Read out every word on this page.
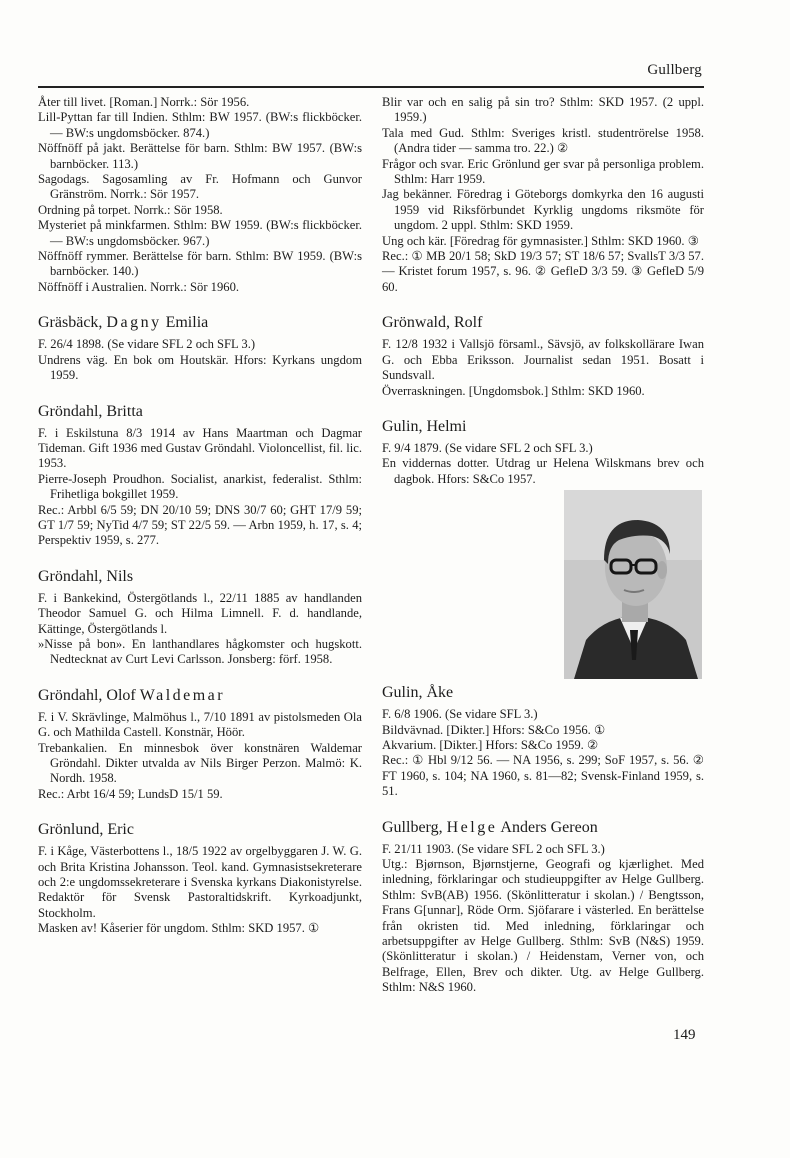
Gullberg

Åter till livet. [Roman.] Norrk.: Sör 1956.

Lill-Pyttan far till Indien. Sthlm: BW 1957. (BW:s flickböcker. — BW:s ungdomsböcker. 874.)

Nöffnöff på jakt. Berättelse för barn. Sthlm: BW 1957. (BW:s barnböcker. 113.)

Sagodags. Sagosamling av Fr. Hofmann och Gunvor Gränström. Norrk.: Sör 1957.

Ordning på torpet. Norrk.: Sör 1958.

Mysteriet på minkfarmen. Sthlm: BW 1959. (BW:s flickböcker. — BW:s ungdomsböcker. 967.)

Nöffnöff rymmer. Berättelse för barn. Sthlm: BW 1959. (BW:s barnböcker. 140.)

Nöffnöff i Australien. Norrk.: Sör 1960.

Gräsbäck, Dagny Emilia

F. 26/4 1898. (Se vidare SFL 2 och SFL 3.)

Undrens väg. En bok om Houtskär. Hfors: Kyrkans ungdom 1959.

Gröndahl, Britta

F. i Eskilstuna 8/3 1914 av Hans Maartman och Dagmar Tideman. Gift 1936 med Gustav Gröndahl. Violoncellist, fil. lic. 1953.

Pierre-Joseph Proudhon. Socialist, anarkist, federalist. Sthlm: Frihetliga bokgillet 1959.

Rec.: Arbbl 6/5 59; DN 20/10 59; DNS 30/7 60; GHT 17/9 59; GT 1/7 59; NyTid 4/7 59; ST 22/5 59. — Arbn 1959, h. 17, s. 4; Perspektiv 1959, s. 277.

Gröndahl, Nils

F. i Bankekind, Östergötlands l., 22/11 1885 av handlanden Theodor Samuel G. och Hilma Limnell. F. d. handlande, Kättinge, Östergötlands l.

»Nisse på bon». En lanthandlares hågkomster och hugskott. Nedtecknat av Curt Levi Carlsson. Jonsberg: förf. 1958.

Gröndahl, Olof Waldemar

F. i V. Skrävlinge, Malmöhus l., 7/10 1891 av pistolsmeden Ola G. och Mathilda Castell. Konstnär, Höör.

Trebankalien. En minnesbok över konstnären Waldemar Gröndahl. Dikter utvalda av Nils Birger Perzon. Malmö: K. Nordh. 1958.

Rec.: Arbt 16/4 59; LundsD 15/1 59.

Grönlund, Eric

F. i Kåge, Västerbottens l., 18/5 1922 av orgelbyggaren J. W. G. och Brita Kristina Johansson. Teol. kand. Gymnasistsekreterare och 2:e ungdomssekreterare i Svenska kyrkans Diakonistyrelse. Redaktör för Svensk Pastoraltidskrift. Kyrkoadjunkt, Stockholm.

Masken av! Kåserier för ungdom. Sthlm: SKD 1957. ①

Blir var och en salig på sin tro? Sthlm: SKD 1957. (2 uppl. 1959.)

Tala med Gud. Sthlm: Sveriges kristl. studentrörelse 1958. (Andra tider — samma tro. 22.) ②

Frågor och svar. Eric Grönlund ger svar på personliga problem. Sthlm: Harr 1959.

Jag bekänner. Föredrag i Göteborgs domkyrka den 16 augusti 1959 vid Riksförbundet Kyrklig ungdoms riksmöte för ungdom. 2 uppl. Sthlm: SKD 1959.

Ung och kär. [Föredrag för gymnasister.] Sthlm: SKD 1960. ③

Rec.: ① MB 20/1 58; SkD 19/3 57; ST 18/6 57; SvallsT 3/3 57. — Kristet forum 1957, s. 96. ② GefleD 3/3 59. ③ GefleD 5/9 60.

Grönwald, Rolf

F. 12/8 1932 i Vallsjö församl., Sävsjö, av folkskollärare Iwan G. och Ebba Eriksson. Journalist sedan 1951. Bosatt i Sundsvall.

Överraskningen. [Ungdomsbok.] Sthlm: SKD 1960.

Gulin, Helmi

F. 9/4 1879. (Se vidare SFL 2 och SFL 3.)

En viddernas dotter. Utdrag ur Helena Wilskmans brev och dagbok. Hfors: S&Co 1957.

Gulin, Åke

F. 6/8 1906. (Se vidare SFL 3.)

Bildvävnad. [Dikter.] Hfors: S&Co 1956. ①

Akvarium. [Dikter.] Hfors: S&Co 1959. ②

Rec.: ① Hbl 9/12 56. — NA 1956, s. 299; SoF 1957, s. 56. ② FT 1960, s. 104; NA 1960, s. 81—82; Svensk-Finland 1959, s. 51.

Gullberg, Helge Anders Gereon

F. 21/11 1903. (Se vidare SFL 2 och SFL 3.)

Utg.: Bjørnson, Bjørnstjerne, Geografi og kjærlighet. Med inledning, förklaringar och studieuppgifter av Helge Gullberg. Sthlm: SvB(AB) 1956. (Skönlitteratur i skolan.) / Bengtsson, Frans G[unnar], Röde Orm. Sjöfarare i västerled. En berättelse från okristen tid. Med inledning, förklaringar och arbetsuppgifter av Helge Gullberg. Sthlm: SvB (N&S) 1959. (Skönlitteratur i skolan.) / Heidenstam, Verner von, och Belfrage, Ellen, Brev och dikter. Utg. av Helge Gullberg. Sthlm: N&S 1960.

149
